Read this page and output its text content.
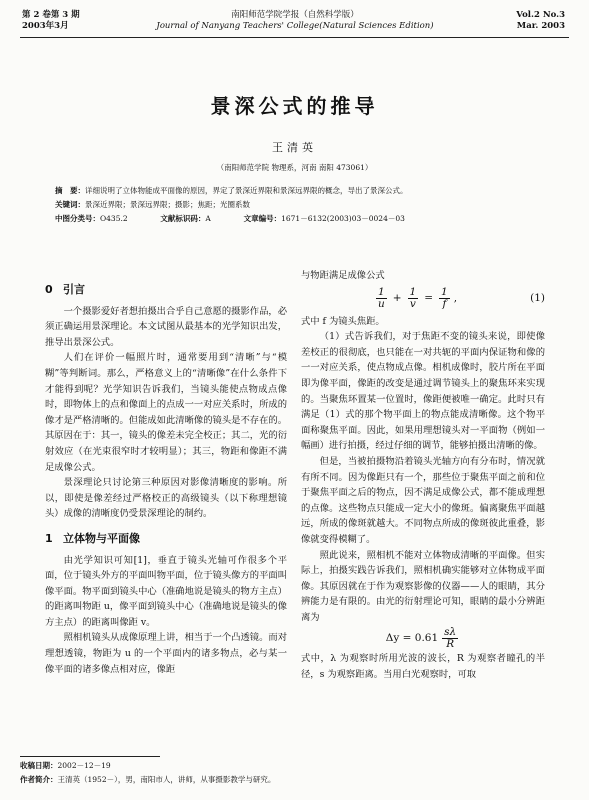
第 2 卷第 3 期
2003年3月
南阳师范学院学报（自然科学版）
Journal of Nanyang Teachers' College(Natural Sciences Edition)
Vol.2 No.3
Mar. 2003
景深公式的推导
王清英
（南阳师范学院 物理系，河南 南阳 473061）
摘　要：详细说明了立体物能成平面像的原因，界定了景深近界限和景深远界限的概念，导出了景深公式。
关键词：景深近界限；景深远界限；摄影；焦距；光圈系数
中图分类号：O435.2	文献标识码：A	文章编号：1671－6132(2003)03－0024－03

0 引言

一个摄影爱好者想拍摄出合乎自己意愿的摄影作品，必须正确运用景深理论。本文试图从最基本的光学知识出发，推导出景深公式。

人们在评价一幅照片时，通常要用到“清晰”与“模糊”等判断词。那么，严格意义上的“清晰像”在什么条件下才能得到呢？光学知识告诉我们，当镜头能使点物成点像时，即物体上的点和像面上的点成一一对应关系时，所成的像才是严格清晰的。但能成如此清晰像的镜头是不存在的。其原因在于：其一，镜头的像差未完全校正；其二，光的衍射效应（在光束很窄时才较明显）；其三，物距和像距不满足成像公式。

景深理论只讨论第三种原因对影像清晰度的影响。所以，即使是像差经过严格校正的高级镜头（以下称理想镜头）成像的清晰度仍受景深理论的制约。

1 立体物与平面像

由光学知识可知[1]，垂直于镜头光轴可作很多个平面，位于镜头外方的平面叫物平面，位于镜头像方的平面叫像平面。物平面到镜头中心（准确地说是镜头的物方主点）的距离叫物距 u，像平面到镜头中心（准确地说是镜头的像方主点）的距离叫像距 v。

照相机镜头从成像原理上讲，相当于一个凸透镜。而对理想透镜，物距为 u 的一个平面内的诸多物点，必与某一像平面的诸多像点相对应，像距

与物距满足成像公式

$\frac{1}{u} + \frac{1}{v} = \frac{1}{f}$ ,	(1)

式中 f 为镜头焦距。

（1）式告诉我们，对于焦距不变的镜头来说，即使像差校正的很彻底，也只能在一对共轭的平面内保证物和像的一一对应关系，使点物成点像。相机成像时，胶片所在平面即为像平面，像距的改变是通过调节镜头上的聚焦环来实现的。当聚焦环置某一位置时，像距便被唯一确定。此时只有满足（1）式的那个物平面上的物点能成清晰像。这个物平面称聚焦平面。因此，如果用理想镜头对一平面物（例如一幅画）进行拍摄，经过仔细的调节，能够拍摄出清晰的像。

但是，当被拍摄物沿着镜头光轴方向有分布时，情况就有所不同。因为像距只有一个，那些位于聚焦平面之前和位于聚焦平面之后的物点，因不满足成像公式，都不能成理想的点像。这些物点只能成一定大小的像斑。偏离聚焦平面越远，所成的像斑就越大。不同物点所成的像斑彼此重叠，影像就变得模糊了。

照此说来，照相机不能对立体物成清晰的平面像。但实际上，拍摄实践告诉我们，照相机确实能够对立体物成平面像。其原因就在于作为观察影像的仪器——人的眼睛，其分辨能力是有限的。由光的衍射理论可知，眼睛的最小分辨距离为

$\Delta y = 0.61 \frac{s\lambda}{R}$

式中，λ 为观察时所用光波的波长，R 为观察者瞳孔的半径，s 为观察距离。当用白光观察时，可取

收稿日期：2002－12－19
作者简介：王清英（1952－），男，南阳市人，讲师，从事摄影教学与研究。
